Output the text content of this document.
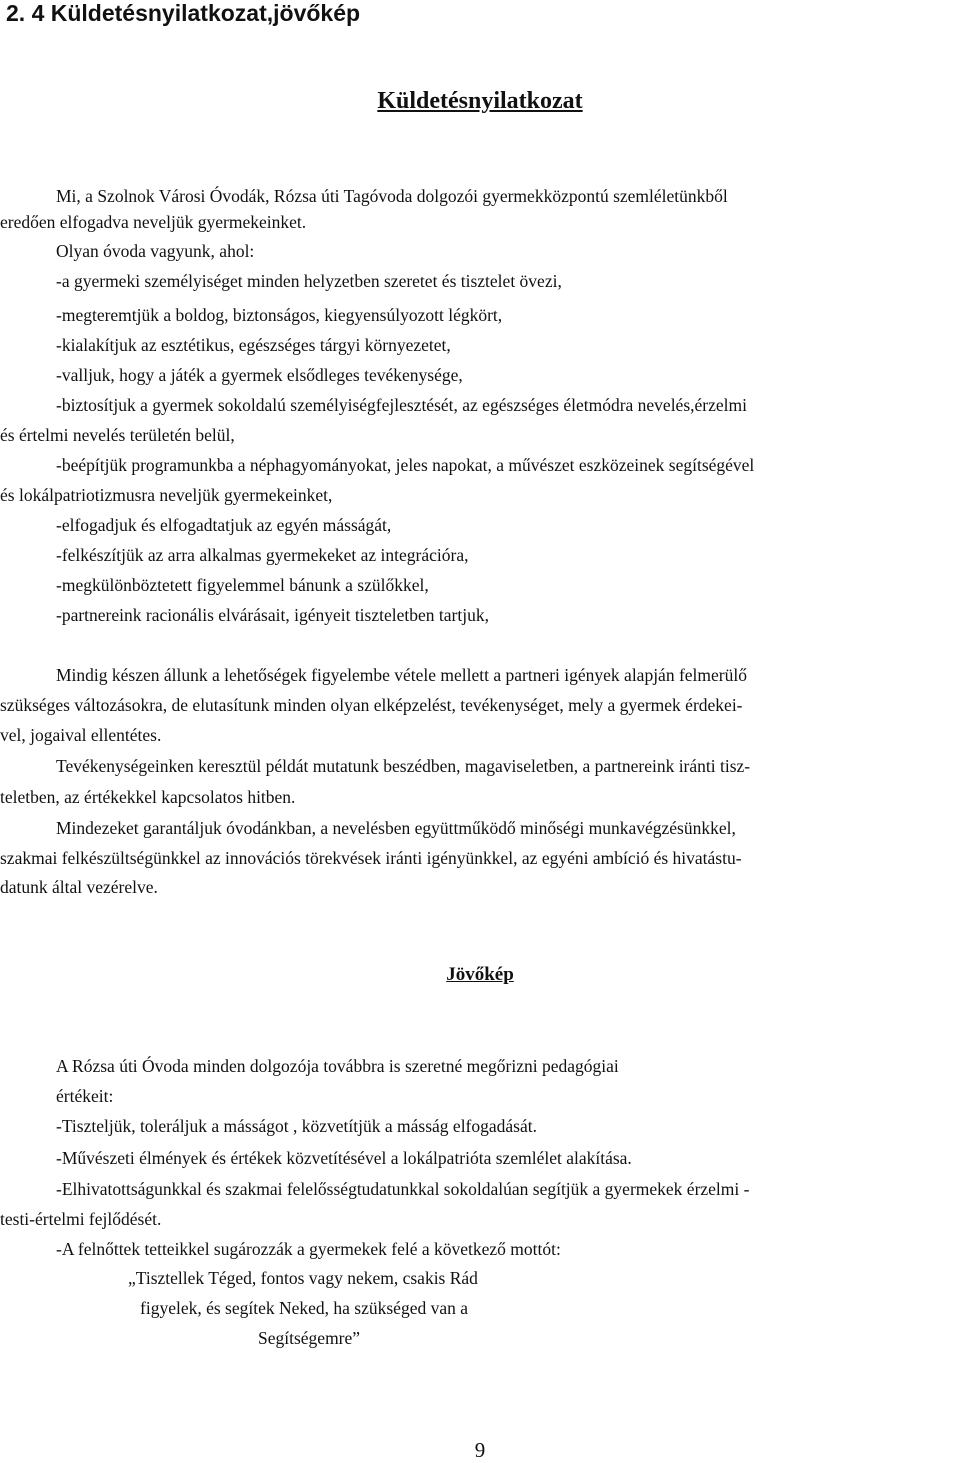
2. 4 Küldetésnyilatkozat,jövőkép
Küldetésnyilatkozat

Mi, a Szolnok Városi Óvodák, Rózsa úti Tagóvoda dolgozói gyermekközpontú szemléletünkből

eredően elfogadva neveljük gyermekeinket.

Olyan óvoda vagyunk, ahol:

-a gyermeki személyiséget minden helyzetben szeretet és tisztelet övezi,

-megteremtjük a boldog, biztonságos, kiegyensúlyozott légkört,

-kialakítjuk az esztétikus, egészséges tárgyi környezetet,

-valljuk, hogy a játék a gyermek elsődleges tevékenysége,

-biztosítjuk a gyermek sokoldalú személyiségfejlesztését, az egészséges életmódra nevelés,érzelmi

és értelmi nevelés területén belül,

-beépítjük programunkba a néphagyományokat, jeles napokat, a művészet eszközeinek segítségével

és lokálpatriotizmusra neveljük gyermekeinket,

-elfogadjuk és elfogadtatjuk az egyén másságát,

-felkészítjük az arra alkalmas gyermekeket az integrációra,

-megkülönböztetett figyelemmel bánunk a szülőkkel,

-partnereink racionális elvárásait, igényeit tiszteletben tartjuk,

Mindig készen állunk a lehetőségek figyelembe vétele mellett a partneri igények alapján felmerülő

szükséges változásokra, de elutasítunk minden olyan elképzelést, tevékenységet, mely a gyermek érdekei-

vel, jogaival ellentétes.

Tevékenységeinken keresztül példát mutatunk beszédben, magaviseletben, a partnereink iránti tisz-

teletben, az értékekkel kapcsolatos hitben.

Mindezeket garantáljuk óvodánkban, a nevelésben együttműködő minőségi munkavégzésünkkel,

szakmai felkészültségünkkel az innovációs törekvések iránti igényünkkel, az egyéni ambíció és hivatástu-

datunk által vezérelve.

Jövőkép

A Rózsa úti Óvoda minden dolgozója továbbra is szeretné megőrizni pedagógiai

értékeit:

-Tiszteljük, toleráljuk a másságot , közvetítjük a másság elfogadását.

-Művészeti élmények és értékek közvetítésével a lokálpatrióta szemlélet alakítása.

-Elhivatottságunkkal és szakmai felelősségtudatunkkal sokoldalúan segítjük a gyermekek érzelmi -

testi-értelmi fejlődését.

-A felnőttek tetteikkel sugározzák a gyermekek felé a következő mottót:

„Tisztellek Téged, fontos vagy nekem, csakis Rád

figyelek, és segítek Neked, ha szükséged van a

Segítségemre”

9
